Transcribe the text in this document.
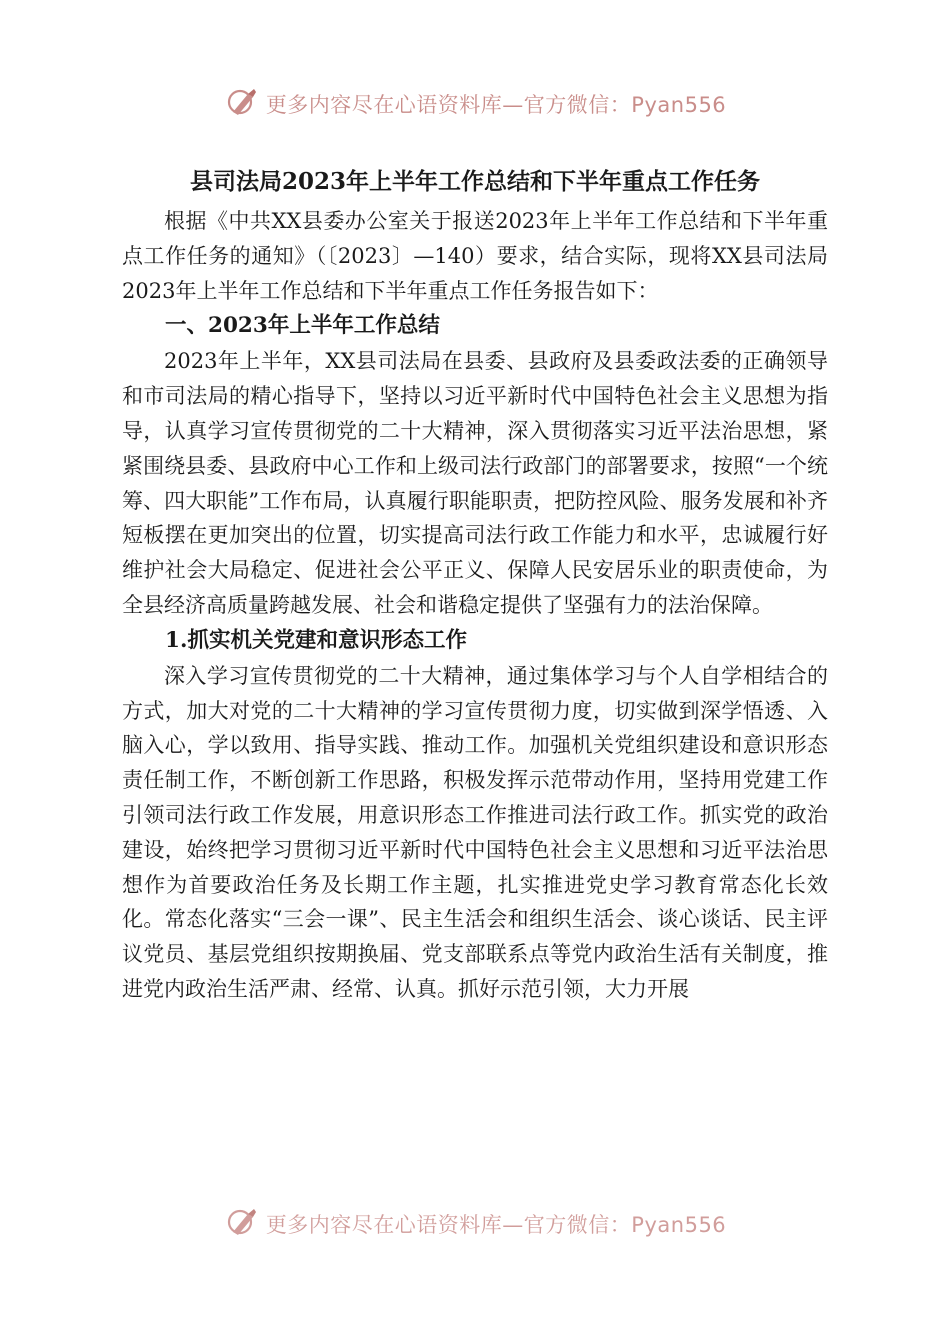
更多内容尽在心语资料库—官方微信：Pyan556
县司法局2023年上半年工作总结和下半年重点工作任务

根据《中共XX县委办公室关于报送2023年上半年工作总结和下半年重点工作任务的通知》（〔2023〕—140）要求，结合实际，现将XX县司法局2023年上半年工作总结和下半年重点工作任务报告如下：

一、2023年上半年工作总结

2023年上半年，XX县司法局在县委、县政府及县委政法委的正确领导和市司法局的精心指导下，坚持以习近平新时代中国特色社会主义思想为指导，认真学习宣传贯彻党的二十大精神，深入贯彻落实习近平法治思想，紧紧围绕县委、县政府中心工作和上级司法行政部门的部署要求，按照“一个统筹、四大职能”工作布局，认真履行职能职责，把防控风险、服务发展和补齐短板摆在更加突出的位置，切实提高司法行政工作能力和水平，忠诚履行好维护社会大局稳定、促进社会公平正义、保障人民安居乐业的职责使命，为全县经济高质量跨越发展、社会和谐稳定提供了坚强有力的法治保障。

1.抓实机关党建和意识形态工作

深入学习宣传贯彻党的二十大精神，通过集体学习与个人自学相结合的方式，加大对党的二十大精神的学习宣传贯彻力度，切实做到深学悟透、入脑入心，学以致用、指导实践、推动工作。加强机关党组织建设和意识形态责任制工作，不断创新工作思路，积极发挥示范带动作用，坚持用党建工作引领司法行政工作发展，用意识形态工作推进司法行政工作。抓实党的政治建设，始终把学习贯彻习近平新时代中国特色社会主义思想和习近平法治思想作为首要政治任务及长期工作主题，扎实推进党史学习教育常态化长效化。常态化落实“三会一课”、民主生活会和组织生活会、谈心谈话、民主评议党员、基层党组织按期换届、党支部联系点等党内政治生活有关制度，推进党内政治生活严肃、经常、认真。抓好示范引领，大力开展

更多内容尽在心语资料库—官方微信：Pyan556
